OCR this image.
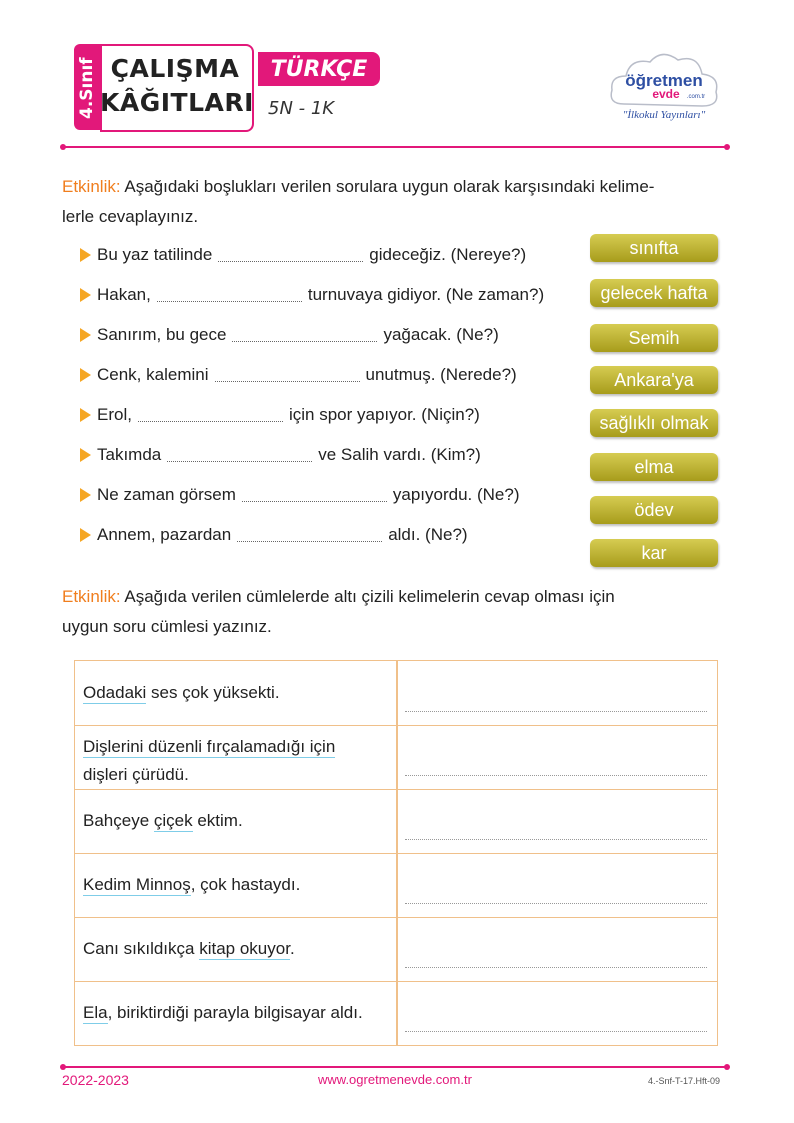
4.Sınıf ÇALIŞMA
KÂĞITLARI
TÜRKÇE
5N - 1K
öğretmen
evde .com.tr
"İlkokul Yayınları"
Etkinlik: Aşağıdaki boşlukları verilen sorulara uygun olarak karşısındaki kelime-
lerle cevaplayınız.
Bu yaz tatilinde	gideceğiz. (Nereye?)
Hakan,	turnuvaya gidiyor. (Ne zaman?)
Sanırım, bu gece	yağacak. (Ne?)
Cenk, kalemini	unutmuş. (Nerede?)
Erol,	için spor yapıyor. (Niçin?)
Takımda	ve Salih vardı. (Kim?)
Ne zaman görsem	yapıyordu. (Ne?)
Annem, pazardan	aldı. (Ne?)
sınıfta
gelecek hafta
Semih
Ankara'ya
sağlıklı olmak
elma
ödev
kar
Etkinlik: Aşağıda verilen cümlelerde altı çizili kelimelerin cevap olması için
uygun soru cümlesi yazınız.
Odadaki ses çok yüksekti.
Dişlerini düzenli fırçalamadığı için
dişleri çürüdü.
Bahçeye çiçek ektim.
Kedim Minnoş, çok hastaydı.
Canı sıkıldıkça kitap okuyor.
Ela, biriktirdiği parayla bilgisayar aldı.
2022-2023	www.ogretmenevde.com.tr	4.-Snf-T-17.Hft-09
